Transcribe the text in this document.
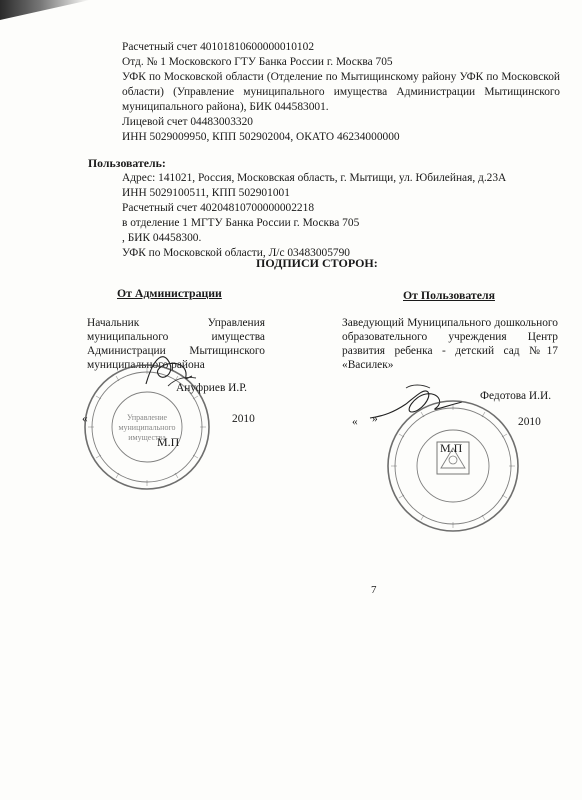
Расчетный счет 40101810600000010102
Отд. № 1 Московского ГТУ Банка России г. Москва 705
УФК по Московской области (Отделение по Мытищинскому району УФК по Московской области) (Управление муниципального имущества Администрации Мытищинского муниципального района), БИК 044583001.
Лицевой счет 04483003320
ИНН 5029009950, КПП 502902004, ОКАТО 46234000000
Пользователь:
Адрес: 141021, Россия, Московская область, г. Мытищи, ул. Юбилейная, д.23А
ИНН 5029100511, КПП 502901001
Расчетный счет 40204810700000002218
в отделение 1 МГТУ Банка России г. Москва 705
, БИК 04458300.
УФК по Московской области, Л/с 03483005790
ПОДПИСИ СТОРОН:
От Администрации	От Пользователя
Начальник Управления муниципального имущества Администрации Мытищинского муниципального района
Заведующий Муниципального дошкольного образовательного учреждения Центр развития ребенка - детский сад №17 «Василек»
Управление
муниципального
имущества
Ануфриев И.Р.
«	2010
М.П
Федотова И.И.
« »	2010
М.П
7
